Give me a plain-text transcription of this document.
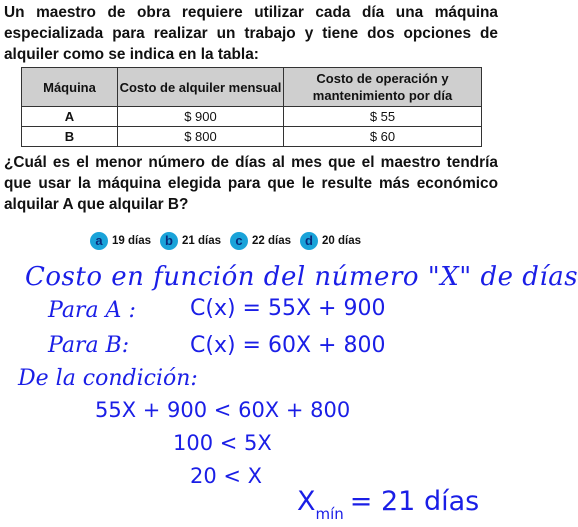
Un maestro de obra requiere utilizar cada día una máquina especializada para realizar un trabajo y tiene dos opciones de alquiler como se indica en la tabla:
Máquina	Costo de alquiler mensual	Costo de operación y mantenimiento por día
A	$ 900	$ 55
B	$ 800	$ 60
¿Cuál es el menor número de días al mes que el maestro tendría que usar la máquina elegida para que le resulte más económico alquilar A que alquilar B?
a 19 días	b 21 días	c 22 días	d 20 días
Costo en función del número "X" de días
Para A : C(x) = 55X + 900
Para B:	C(x) = 60X + 800
De la condición:
55X + 900 < 60X + 800
100 < 5X
20 < X
$X_{mín} = 21$ días
